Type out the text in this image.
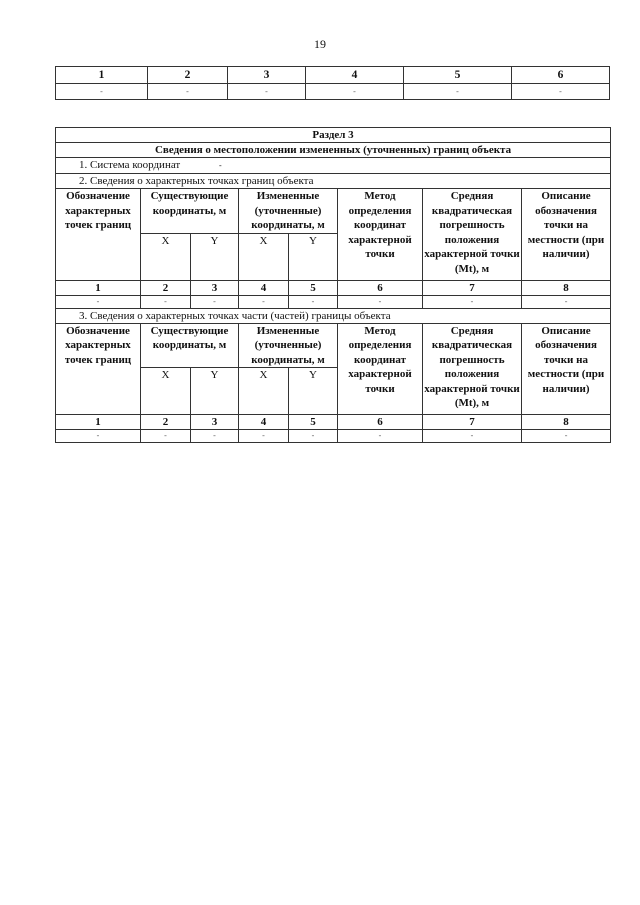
19
1	2	3	4	5	6
-	-	-	-	-	-
Раздел 3							
Сведения о местоположении измененных (уточненных) границ объекта							
1. Система координат -							
2. Сведения о характерных точках границ объекта							
Обозначение характерных точек границ	Существующие координаты, м		Измененные (уточненные) координаты, м		Метод определения координат характерной точки	Средняя квадратическая погрешность положения характерной точки (Mt), м	Описание обозначения точки на местности (при наличии)
	X	Y	X	Y			
1	2	3	4	5	6	7	8
-	-	-	-	-	-	-	-
3. Сведения о характерных точках части (частей) границы объекта							
Обозначение характерных точек границ	Существующие координаты, м		Измененные (уточненные) координаты, м		Метод определения координат характерной точки	Средняя квадратическая погрешность положения характерной точки (Mt), м	Описание обозначения точки на местности (при наличии)
	X	Y	X	Y			
1	2	3	4	5	6	7	8
-	-	-	-	-	-	-	-
